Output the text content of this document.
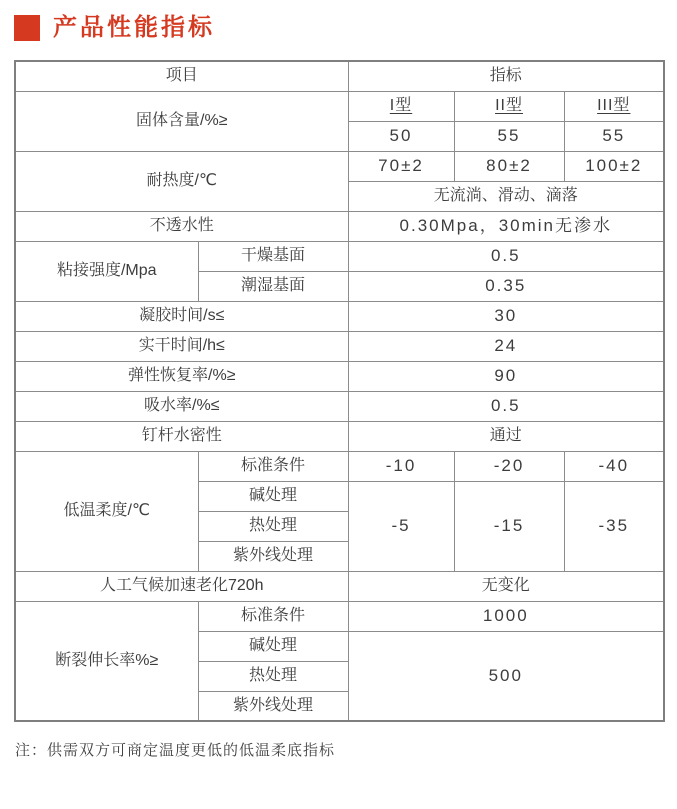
产品性能指标
项目		指标		
固体含量/%≥		I型	II型	III型
		50	55	55
耐热度/℃		70±2	80±2	100±2
		无流淌、滑动、滴落		
不透水性		0.30Mpa，30min无渗水		
粘接强度/Mpa	干燥基面	0.5		
	潮湿基面	0.35		
凝胶时间/s≤		30		
实干时间/h≤		24		
弹性恢复率/%≥		90		
吸水率/%≤		0.5		
钉杆水密性		通过		
低温柔度/℃	标准条件	-10	-20	-40
	碱处理	-5	-15	-35
	热处理			
	紫外线处理			
人工气候加速老化720h		无变化		
断裂伸长率%≥	标准条件	1000		
	碱处理	500		
	热处理			
	紫外线处理			

注：供需双方可商定温度更低的低温柔底指标
